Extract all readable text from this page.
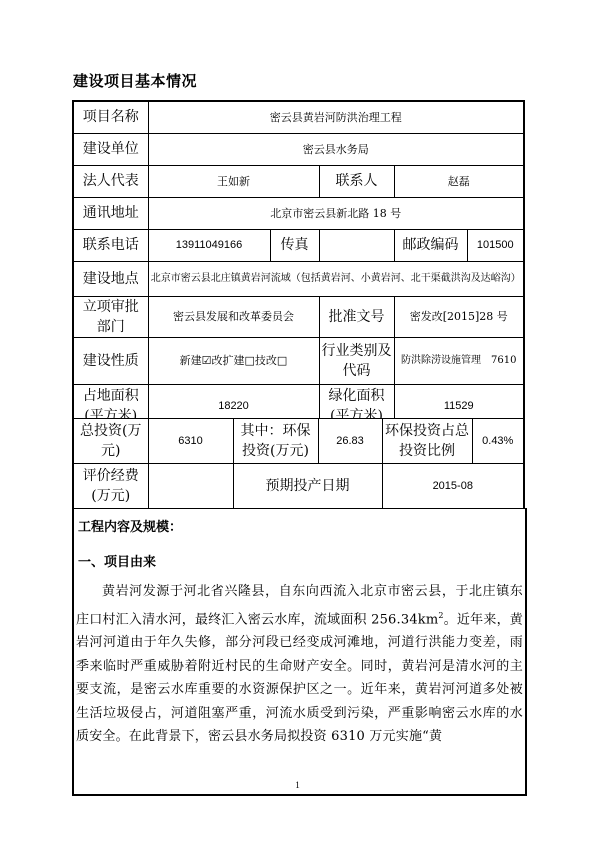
建设项目基本情况
项目名称	密云县黄岩河防洪治理工程				
建设单位	密云县水务局				
法人代表	王如新		联系人	赵磊	
通讯地址	北京市密云县新北路 18 号				
联系电话	13911049166	传真		邮政编码	101500
建设地点	北京市密云县北庄镇黄岩河流域（包括黄岩河、小黄岩河、北干渠截洪沟及达峪沟）				
立项审批部门	密云县发展和改革委员会		批准文号	密发改[2015]28 号	
建设性质	新建☑改扩建□技改□		行业类别及代码	防洪除涝设施管理　7610	
占地面积(平方米)	18220		绿化面积(平方米)	11529	
总投资(万元)	6310	其中：环保投资(万元)	26.83	环保投资占总投资比例	0.43%
评价经费(万元)		预期投产日期		2015-08	
工程内容及规模：
一、项目由来

黄岩河发源于河北省兴隆县，自东向西流入北京市密云县，于北庄镇东庄口村汇入清水河，最终汇入密云水库，流域面积 $256.34km^2$。近年来，黄岩河河道由于年久失修，部分河段已经变成河滩地，河道行洪能力变差，雨季来临时严重威胁着附近村民的生命财产安全。同时，黄岩河是清水河的主要支流，是密云水库重要的水资源保护区之一。近年来，黄岩河河道多处被生活垃圾侵占，河道阻塞严重，河流水质受到污染，严重影响密云水库的水质安全。在此背景下，密云县水务局拟投资 6310 万元实施“黄

1
